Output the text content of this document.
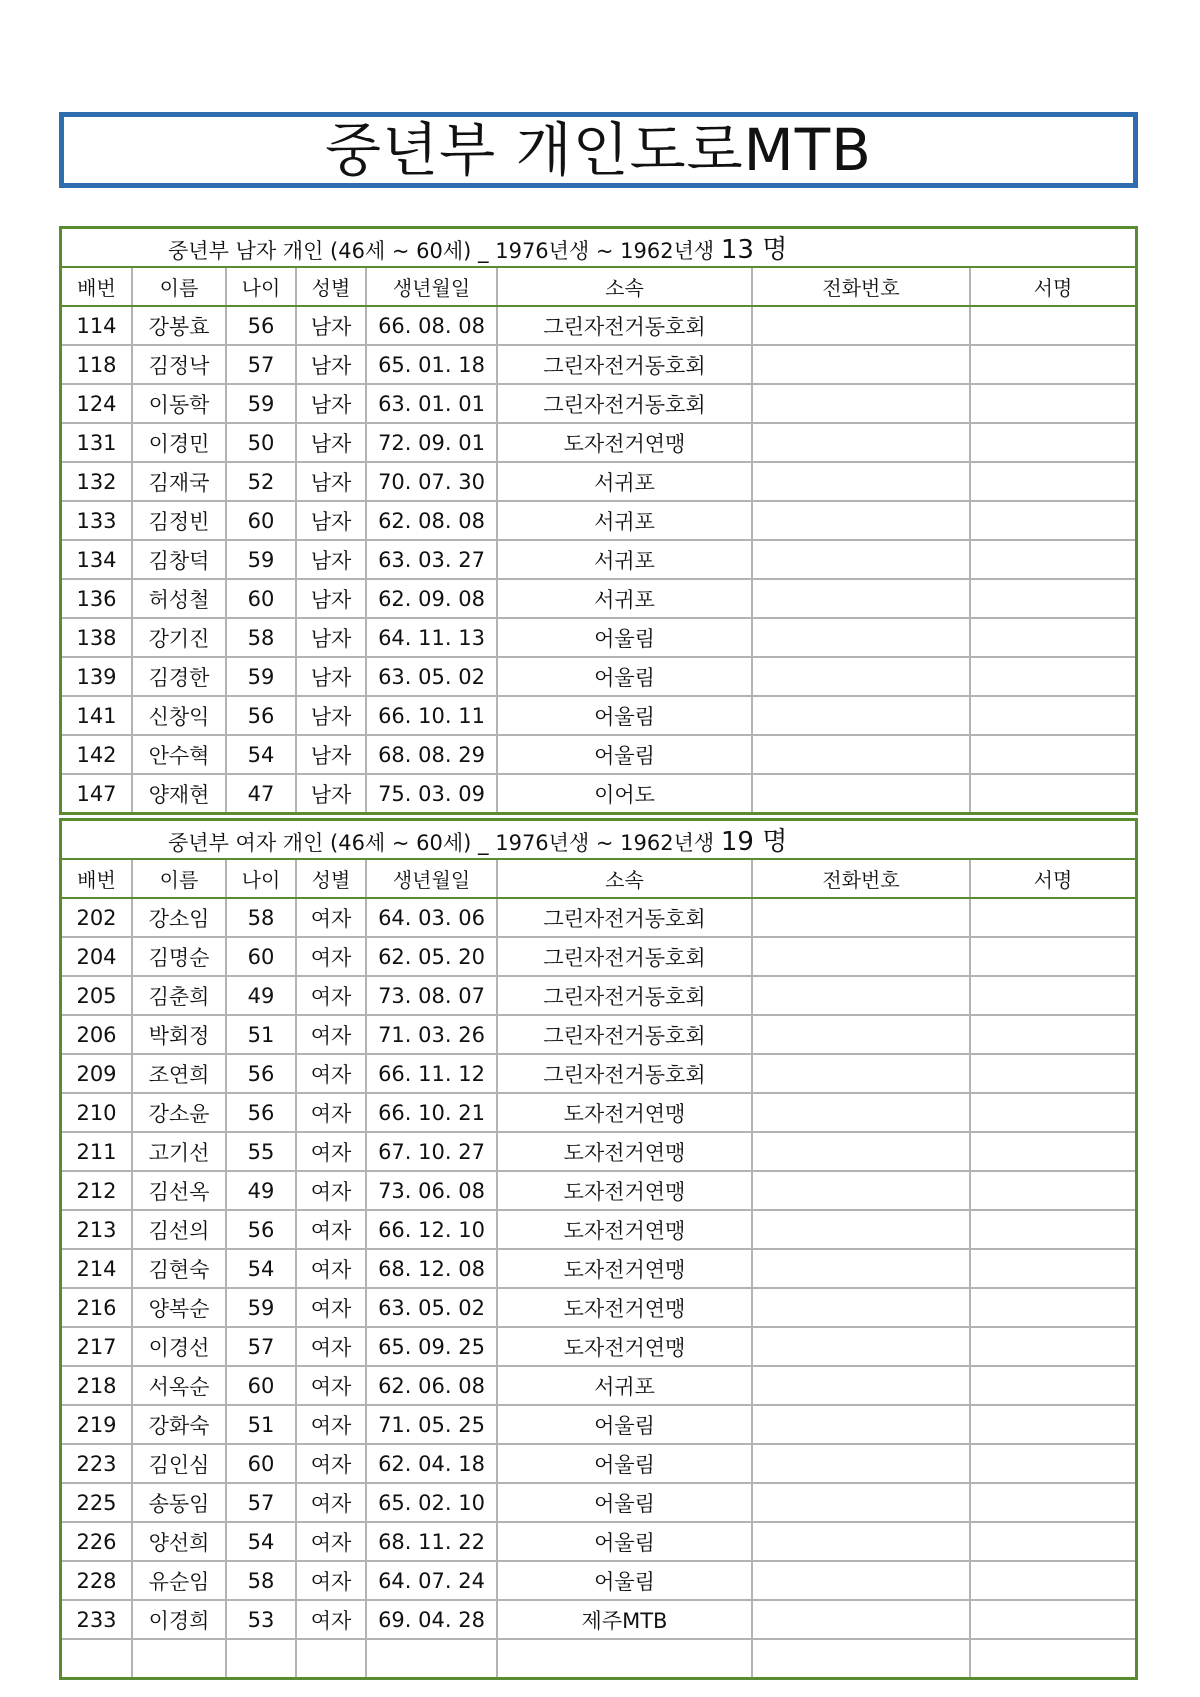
중년부 개인도로MTB
중년부 남자 개인 (46세 ~ 60세) _ 1976년생 ~ 1962년생 13 명							
배번	이름	나이	성별	생년월일	소속	전화번호	서명
114	강봉효	56	남자	66. 08. 08	그린자전거동호회		
118	김정낙	57	남자	65. 01. 18	그린자전거동호회		
124	이동학	59	남자	63. 01. 01	그린자전거동호회		
131	이경민	50	남자	72. 09. 01	도자전거연맹		
132	김재국	52	남자	70. 07. 30	서귀포		
133	김정빈	60	남자	62. 08. 08	서귀포		
134	김창덕	59	남자	63. 03. 27	서귀포		
136	허성철	60	남자	62. 09. 08	서귀포		
138	강기진	58	남자	64. 11. 13	어울림		
139	김경한	59	남자	63. 05. 02	어울림		
141	신창익	56	남자	66. 10. 11	어울림		
142	안수혁	54	남자	68. 08. 29	어울림		
147	양재현	47	남자	75. 03. 09	이어도		
중년부 여자 개인 (46세 ~ 60세) _ 1976년생 ~ 1962년생 19 명							
배번	이름	나이	성별	생년월일	소속	전화번호	서명
202	강소임	58	여자	64. 03. 06	그린자전거동호회		
204	김명순	60	여자	62. 05. 20	그린자전거동호회		
205	김춘희	49	여자	73. 08. 07	그린자전거동호회		
206	박회정	51	여자	71. 03. 26	그린자전거동호회		
209	조연희	56	여자	66. 11. 12	그린자전거동호회		
210	강소윤	56	여자	66. 10. 21	도자전거연맹		
211	고기선	55	여자	67. 10. 27	도자전거연맹		
212	김선옥	49	여자	73. 06. 08	도자전거연맹		
213	김선의	56	여자	66. 12. 10	도자전거연맹		
214	김현숙	54	여자	68. 12. 08	도자전거연맹		
216	양복순	59	여자	63. 05. 02	도자전거연맹		
217	이경선	57	여자	65. 09. 25	도자전거연맹		
218	서옥순	60	여자	62. 06. 08	서귀포		
219	강화숙	51	여자	71. 05. 25	어울림		
223	김인심	60	여자	62. 04. 18	어울림		
225	송동임	57	여자	65. 02. 10	어울림		
226	양선희	54	여자	68. 11. 22	어울림		
228	유순임	58	여자	64. 07. 24	어울림		
233	이경희	53	여자	69. 04. 28	제주MTB		
